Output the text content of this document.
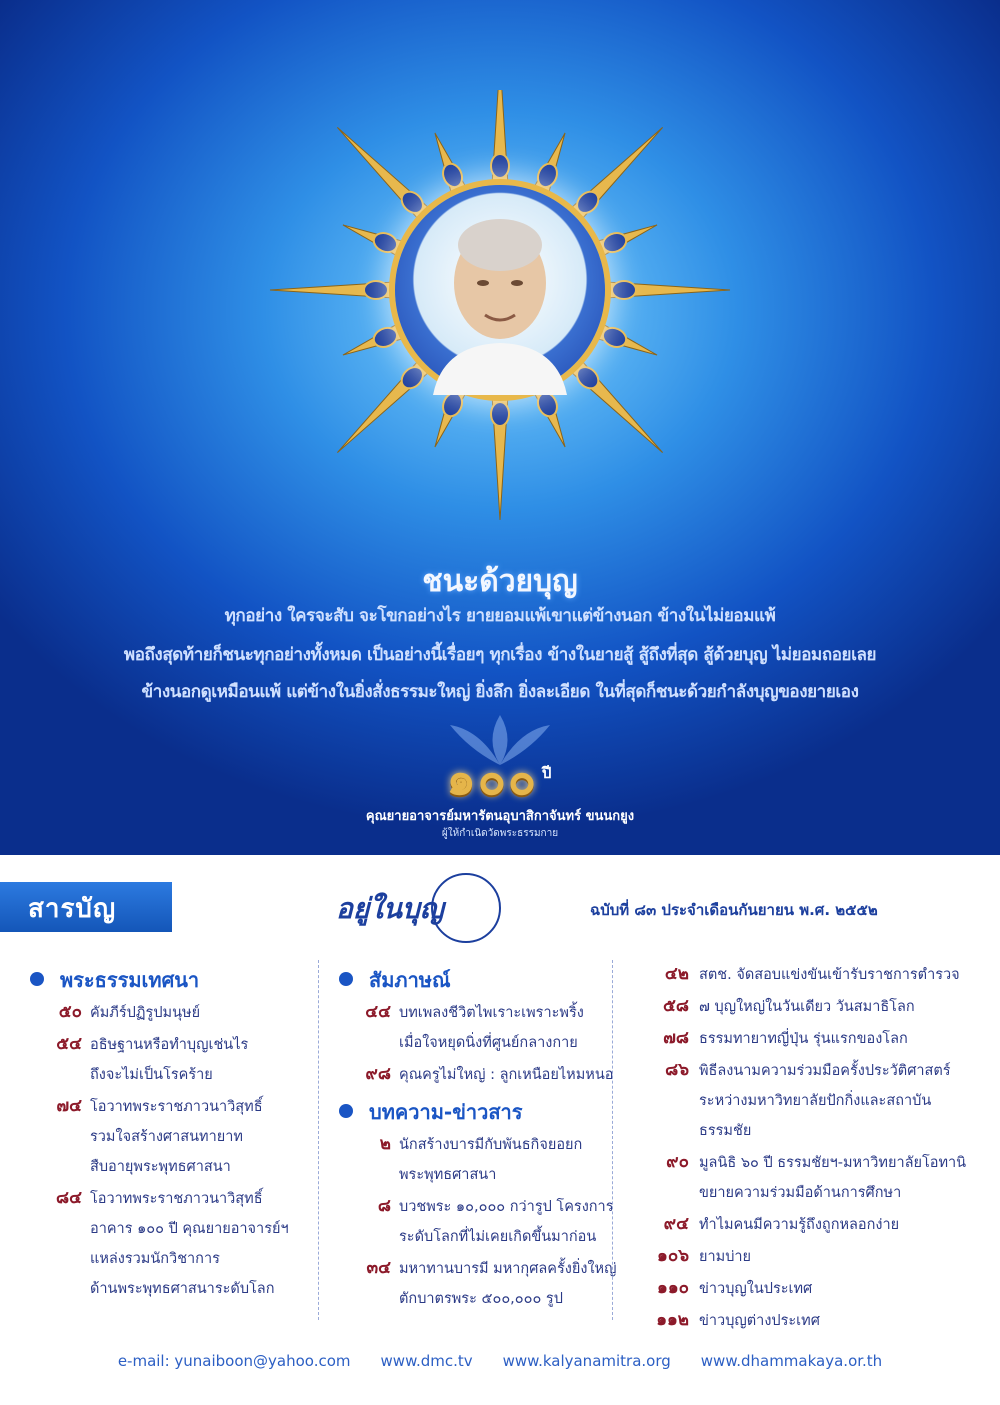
ชนะด้วยบุญ
ทุกอย่าง ใครจะสับ จะโขกอย่างไร ยายยอมแพ้เขาแต่ข้างนอก ข้างในไม่ยอมแพ้
พอถึงสุดท้ายก็ชนะทุกอย่างทั้งหมด เป็นอย่างนี้เรื่อยๆ ทุกเรื่อง ข้างในยายสู้ สู้ถึงที่สุด สู้ด้วยบุญ ไม่ยอมถอยเลย
ข้างนอกดูเหมือนแพ้ แต่ข้างในยิ่งสั่งธรรมะใหญ่ ยิ่งลึก ยิ่งละเอียด ในที่สุดก็ชนะด้วยกำลังบุญของยายเอง
๑๐๐ $^{ปี}$
คุณยายอาจารย์มหารัตนอุบาสิกาจันทร์ ขนนกยูง
ผู้ให้กำเนิดวัดพระธรรมกาย
สารบัญ	อยู่ในบุญ	ฉบับที่ ๘๓ ประจำเดือนกันยายน พ.ศ. ๒๕๕๒
พระธรรมเทศนา
๕๐ คัมภีร์ปฏิรูปมนุษย์
๕๔ อธิษฐานหรือทำบุญเช่นไร
ถึงจะไม่เป็นโรคร้าย
๗๔ โอวาทพระราชภาวนาวิสุทธิ์
รวมใจสร้างศาสนทายาท
สืบอายุพระพุทธศาสนา
๘๔ โอวาทพระราชภาวนาวิสุทธิ์
อาคาร ๑๐๐ ปี คุณยายอาจารย์ฯ
แหล่งรวมนักวิชาการ
ด้านพระพุทธศาสนาระดับโลก
สัมภาษณ์
๔๔ บทเพลงชีวิตไพเราะเพราะพริ้ง
เมื่อใจหยุดนิ่งที่ศูนย์กลางกาย
๙๘ คุณครูไม่ใหญ่ : ลูกเหนือยไหมหนอ
บทความ-ข่าวสาร
๒ นักสร้างบารมีกับพันธกิจยอยก
พระพุทธศาสนา
๘ บวชพระ ๑๐,๐๐๐ กว่ารูป โครงการ
ระดับโลกที่ไม่เคยเกิดขึ้นมาก่อน
๓๔ มหาทานบารมี มหากุศลครั้งยิ่งใหญ่
ตักบาตรพระ ๕๐๐,๐๐๐ รูป
๔๒ สตช. จัดสอบแข่งขันเข้ารับราชการตำรวจ
๕๘ ๗ บุญใหญ่ในวันเดียว วันสมาธิโลก
๗๘ ธรรมทายาทญี่ปุ่น รุ่นแรกของโลก
๘๖ พิธีลงนามความร่วมมือครั้งประวัติศาสตร์
ระหว่างมหาวิทยาลัยปักกิ่งและสถาบัน
ธรรมชัย
๙๐ มูลนิธิ ๖๐ ปี ธรรมชัยฯ-มหาวิทยาลัยโอทานิ
ขยายความร่วมมือด้านการศึกษา
๙๔ ทำไมคนมีความรู้ถึงถูกหลอกง่าย
๑๐๖ ยามบ่าย
๑๑๐ ข่าวบุญในประเทศ
๑๑๒ ข่าวบุญต่างประเทศ
e-mail: yunaiboon@yahoo.com www.dmc.tv www.kalyanamitra.org www.dhammakaya.or.th
